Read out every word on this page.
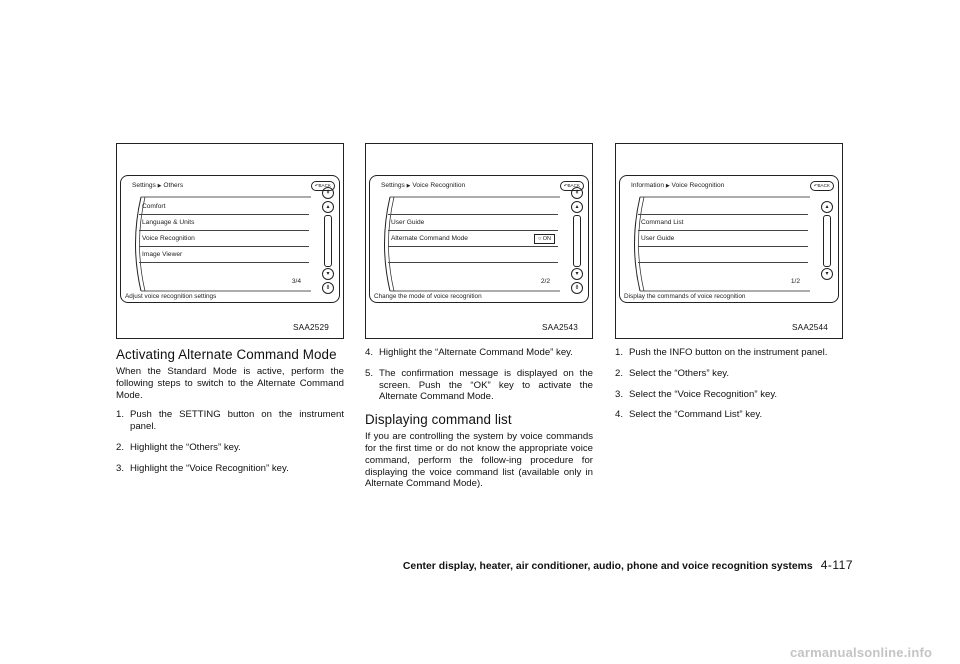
Settings ▶ Others	↶BACK
Comfort
Language & Units
Voice Recognition
Image Viewer
⇞
▴
▾
⇟
3/4
Adjust voice recognition settings
SAA2529
Activating Alternate Command Mode

When the Standard Mode is active, perform the following steps to switch to the Alternate Command Mode.

1. Push the SETTING button on the instrument panel.
2. Highlight the “Others” key.
3. Highlight the “Voice Recognition” key.
Settings ▶ Voice Recognition	↶BACK
User Guide
Alternate Command Mode	○ ON
⇞
▴
▾
⇟
2/2
Change the mode of voice recognition
SAA2543
4. Highlight the “Alternate Command Mode” key.
5. The confirmation message is displayed on the screen. Push the “OK” key to activate the Alternate Command Mode.
Displaying command list

If you are controlling the system by voice commands for the first time or do not know the appropriate voice command, perform the follow-ing procedure for displaying the voice command list (available only in Alternate Command Mode).

Information ▶ Voice Recognition	↶BACK
Command List
User Guide
▴
▾
1/2
Display the commands of voice recognition
SAA2544
1. Push the INFO button on the instrument panel.
2. Select the “Others” key.
3. Select the “Voice Recognition” key.
4. Select the “Command List” key.
Center display, heater, air conditioner, audio, phone and voice recognition systems 4-117
carmanualsonline.info
